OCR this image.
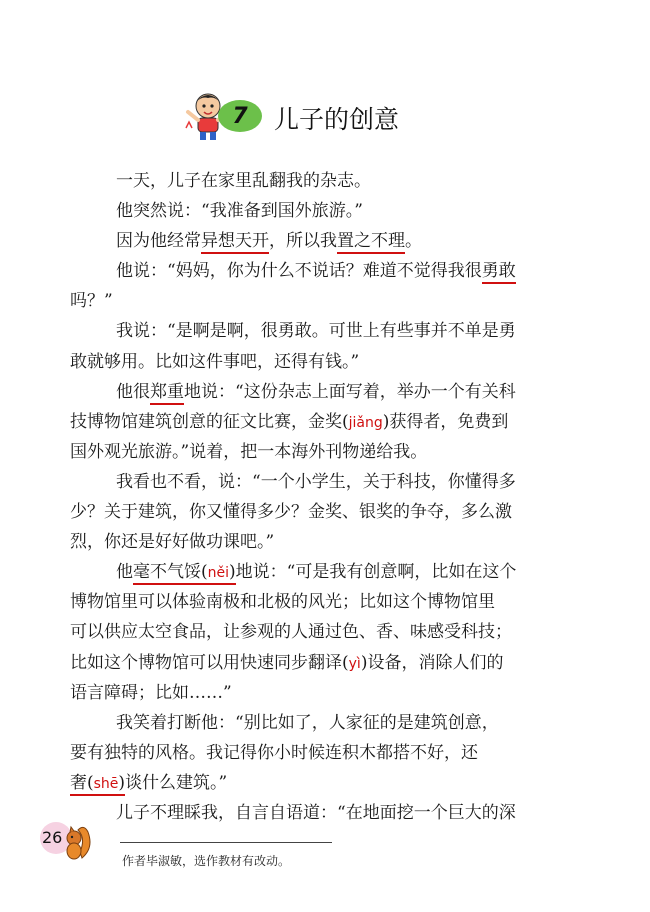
7 儿子的创意
一天，儿子在家里乱翻我的杂志。
他突然说：“我准备到国外旅游。”
因为他经常异想天开，所以我置之不理。
他说：“妈妈，你为什么不说话？难道不觉得我很勇敢
吗？”
我说：“是啊是啊，很勇敢。可世上有些事并不单是勇
敢就够用。比如这件事吧，还得有钱。”
他很郑重地说：“这份杂志上面写着，举办一个有关科
技博物馆建筑创意的征文比赛，金奖(jiǎng)获得者，免费到
国外观光旅游。”说着，把一本海外刊物递给我。
我看也不看，说：“一个小学生，关于科技，你懂得多
少？关于建筑，你又懂得多少？金奖、银奖的争夺，多么激
烈，你还是好好做功课吧。”
他毫不气馁(něi)地说：“可是我有创意啊，比如在这个
博物馆里可以体验南极和北极的风光；比如这个博物馆里
可以供应太空食品，让参观的人通过色、香、味感受科技；
比如这个博物馆可以用快速同步翻译(yì)设备，消除人们的
语言障碍；比如……”
我笑着打断他：“别比如了，人家征的是建筑创意，
要有独特的风格。我记得你小时候连积木都搭不好，还
奢(shē)谈什么建筑。”
儿子不理睬我，自言自语道：“在地面挖一个巨大的深
26
作者毕淑敏，选作教材有改动。
